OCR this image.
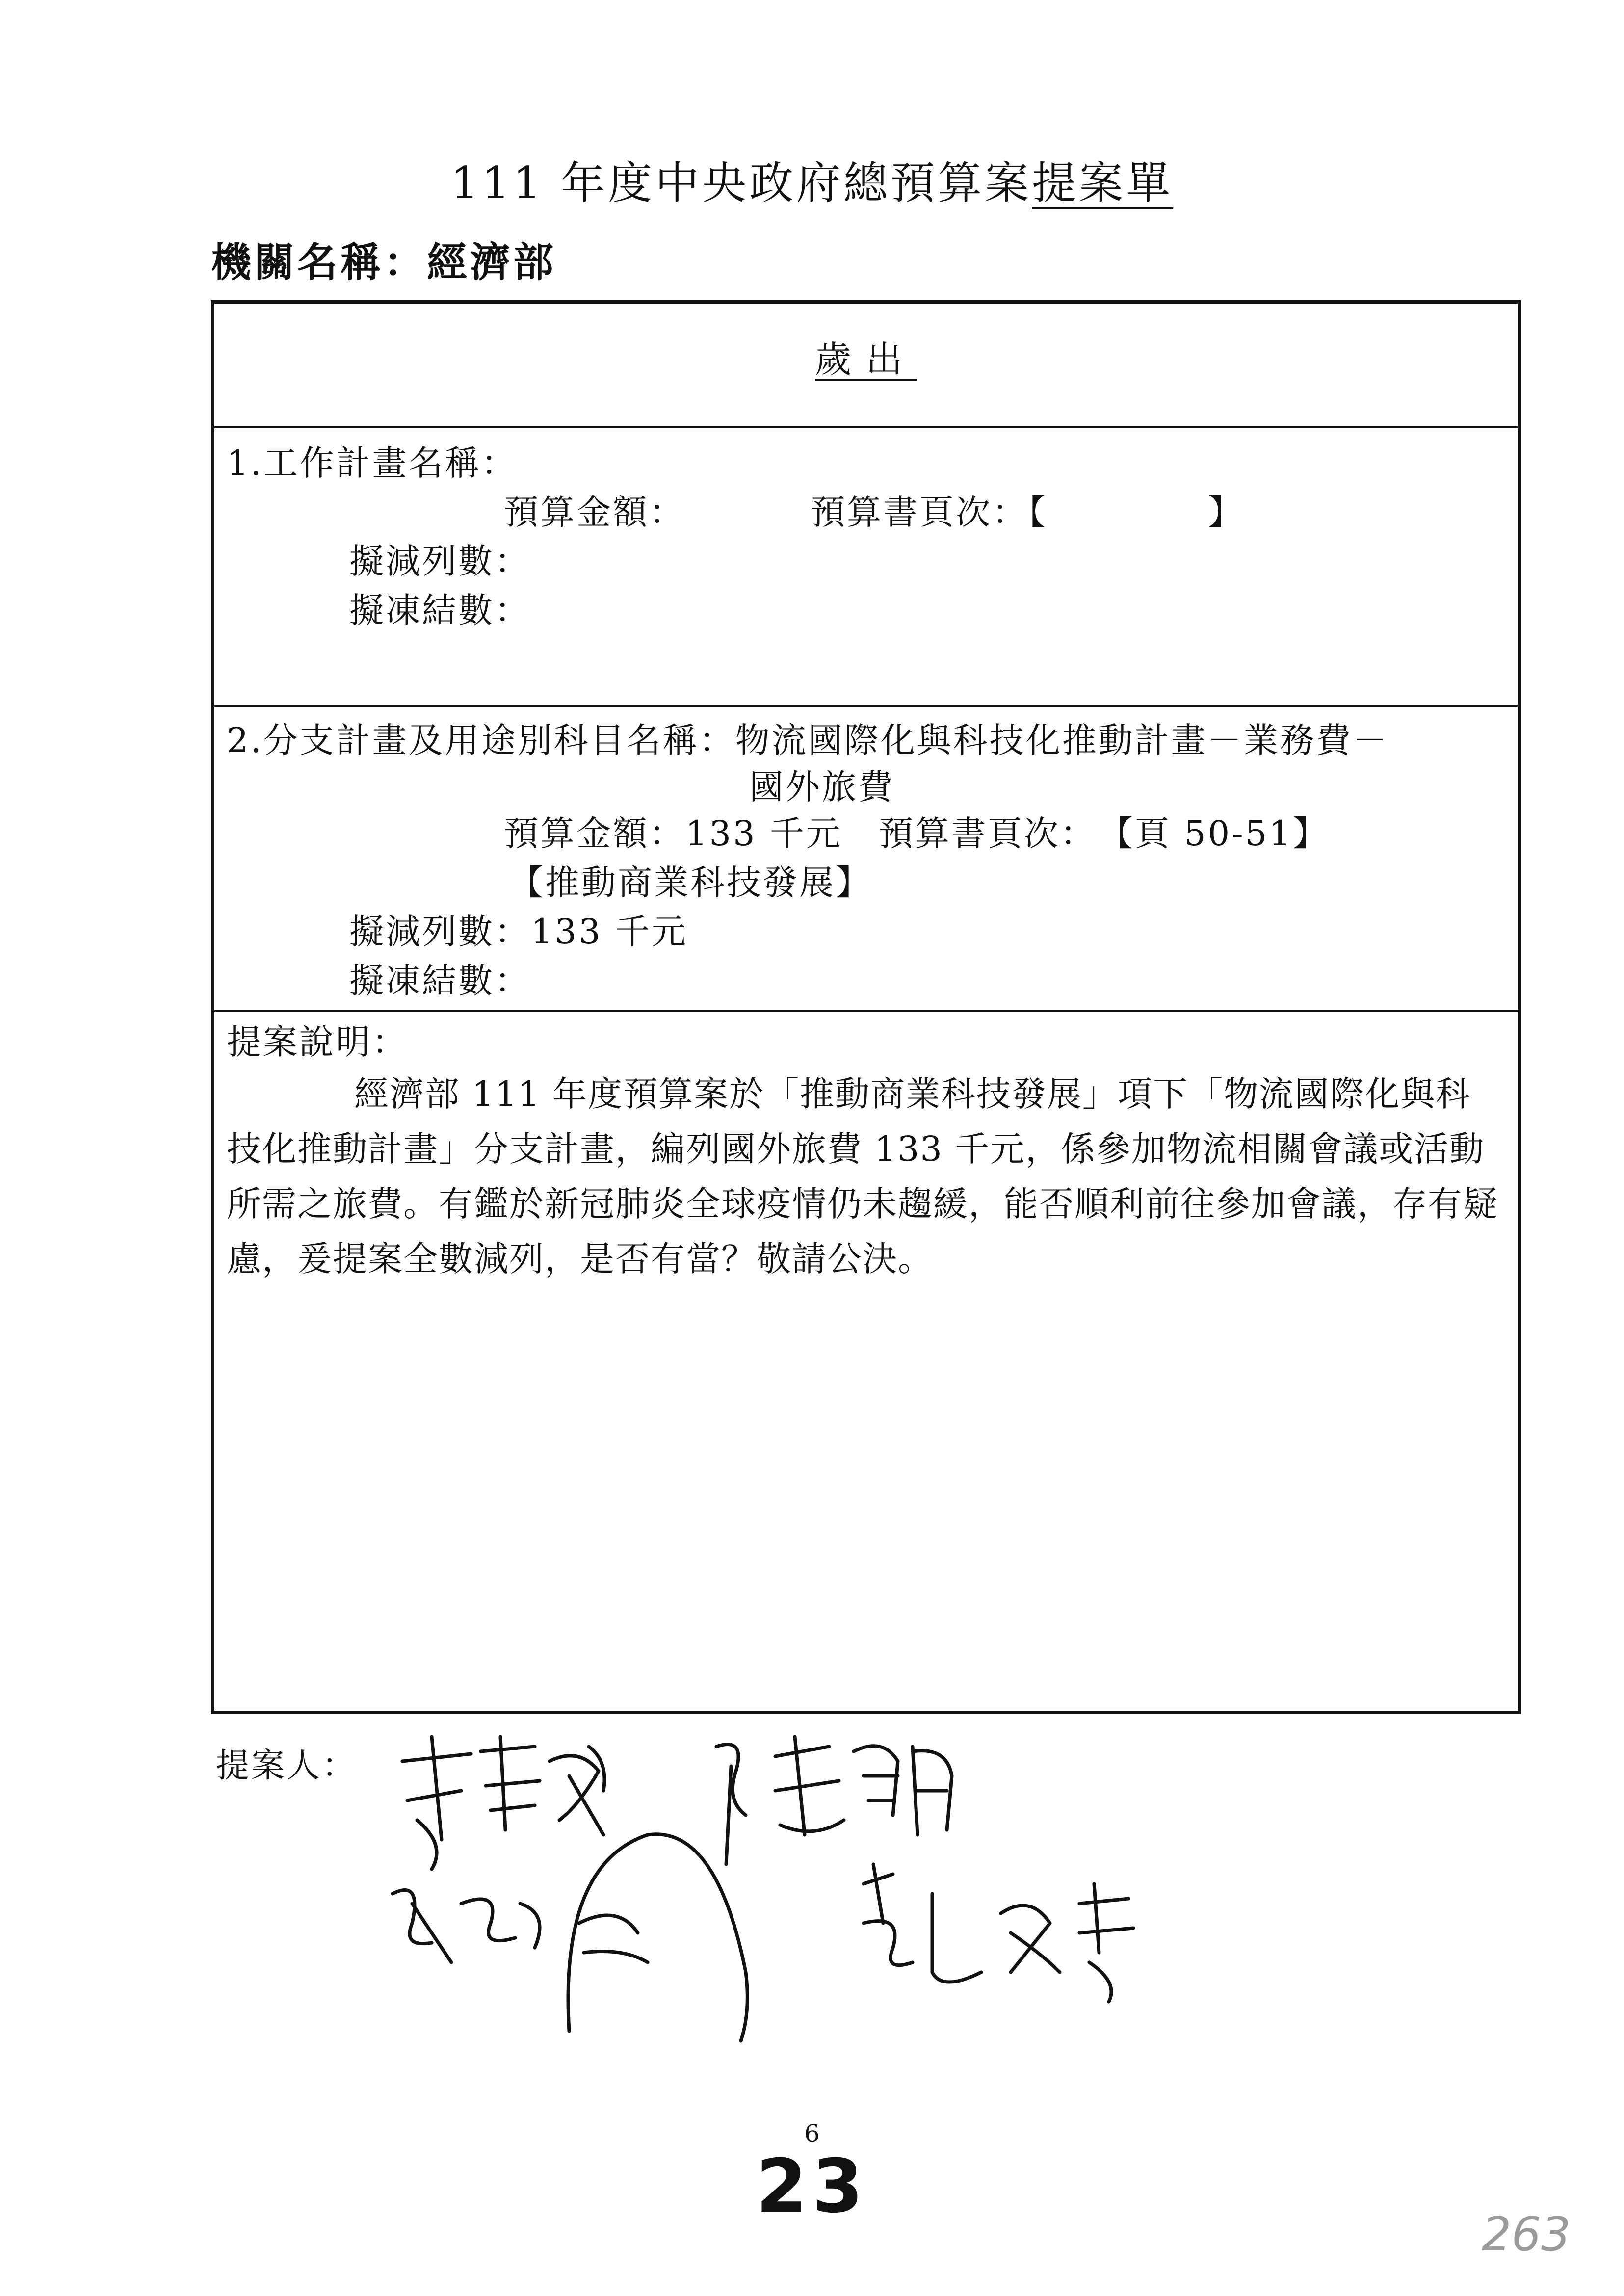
111 年度中央政府總預算案提案單
機關名稱：經濟部
歲出
1.工作計畫名稱：
預算金額：	預算書頁次：【	】
擬減列數：
擬凍結數：
2.分支計畫及用途別科目名稱：物流國際化與科技化推動計畫－業務費－
國外旅費
預算金額：133 千元　預算書頁次：　【頁 50-51】
【推動商業科技發展】
擬減列數：133 千元
擬凍結數：
提案說明：
經濟部 111 年度預算案於「推動商業科技發展」項下「物流國際化與科技化推動計畫」分支計畫，編列國外旅費 133 千元，係參加物流相關會議或活動所需之旅費。有鑑於新冠肺炎全球疫情仍未趨緩，能否順利前往參加會議，存有疑慮，爰提案全數減列，是否有當？敬請公決。
提案人：
6
23
263
